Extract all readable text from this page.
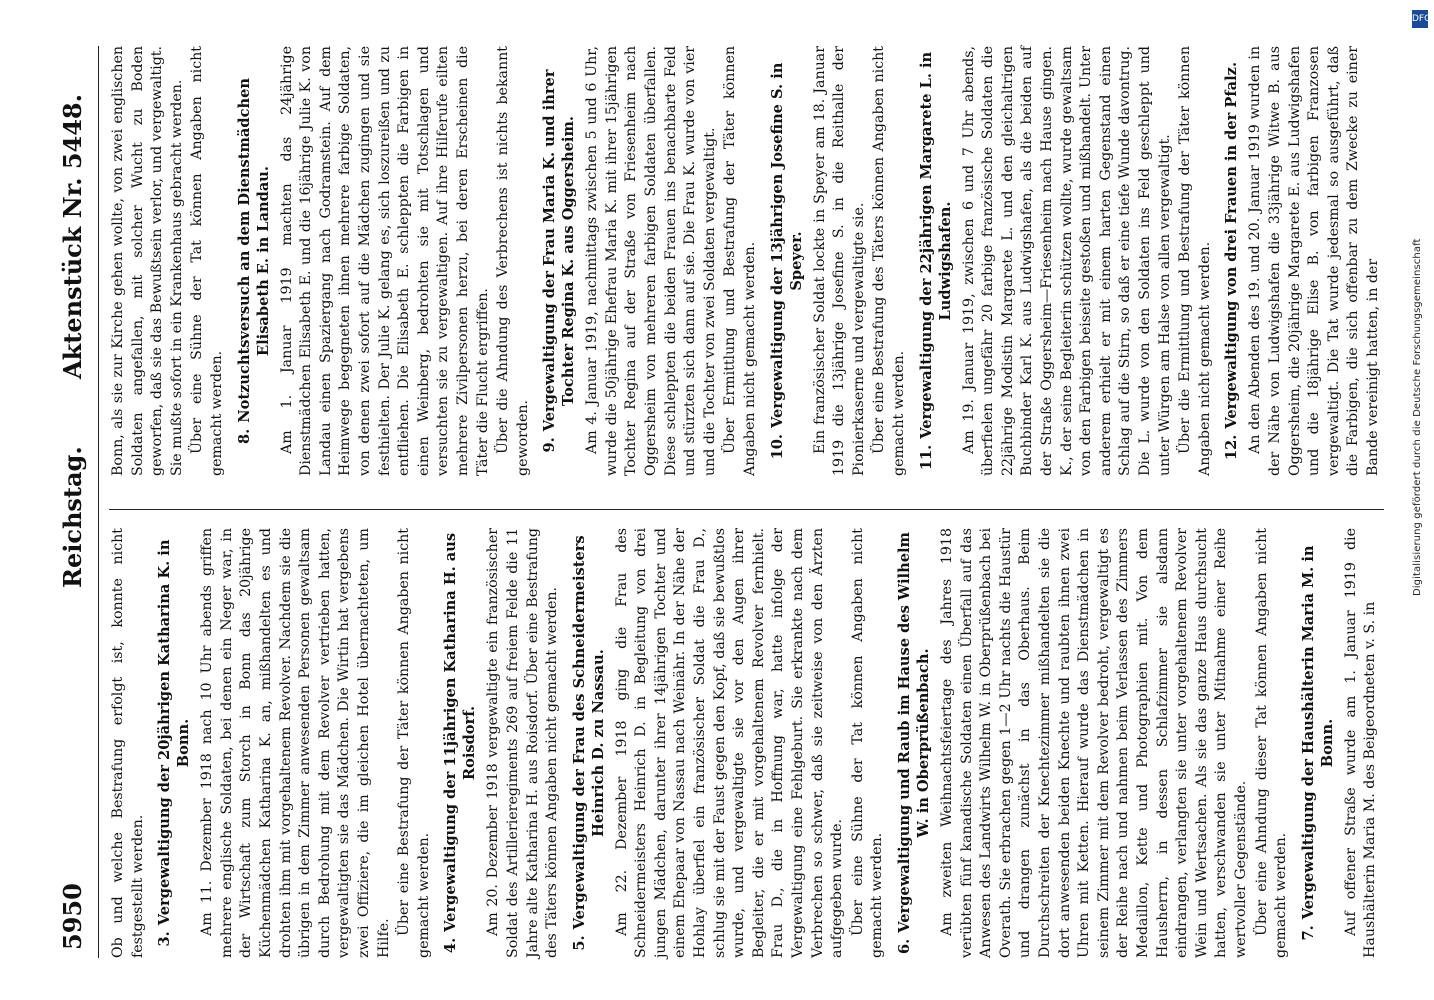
5950
Reichstag.
Aktenstück Nr. 5448.

Ob und welche Bestrafung erfolgt ist, konnte nicht festgestellt werden. 3.Vergewaltigung der 20jährigen Katharina K. in Bonn. Am 11. Dezember 1918 nach 10 Uhr abends griffen mehrere englische Soldaten, bei denen ein Neger war, in der Wirtschaft zum Storch in Bonn das 20jährige Küchenmädchen Katharina K. an, mißhandelten es und drohten ihm mit vorgehaltenem Revolver. Nachdem sie die übrigen in dem Zimmer anwesenden Personen gewaltsam durch Bedrohung mit dem Revolver vertrieben hatten, vergewaltigten sie das Mädchen. Die Wirtin hat vergebens zwei Offiziere, die im gleichen Hotel übernachteten, um Hilfe.

Über eine Bestrafung der Täter können Angaben nicht gemacht werden. 4.Vergewaltigung der 11jährigen Katharina H. aus Roisdorf. Am 20. Dezember 1918 vergewaltigte ein französischer Soldat des Artillerieregiments 269 auf freiem Felde die 11 Jahre alte Katharina H. aus Roisdorf. Über eine Bestrafung des Täters können Angaben nicht gemacht werden. 5.Vergewaltigung der Frau des Schneidermeisters Heinrich D. zu Nassau. Am 22. Dezember 1918 ging die Frau des Schneidermeisters Heinrich D. in Begleitung von drei jungen Mädchen, darunter ihrer 14jährigen Tochter und einem Ehepaar von Nassau nach Weinähr. In der Nähe der Hohlay überfiel ein französischer Soldat die Frau D., schlug sie mit der Faust gegen den Kopf, daß sie bewußtlos wurde, und vergewaltigte sie vor den Augen ihrer Begleiter, die er mit vorgehaltenem Revolver fernhielt. Frau D., die in Hoffnung war, hatte infolge der Vergewaltigung eine Fehlgeburt. Sie erkrankte nach dem Verbrechen so schwer, daß sie zeitweise von den Ärzten aufgegeben wurde. Über eine Sühne der Tat können Angaben nicht gemacht werden. 6.Vergewaltigung und Raub im Hause des Wilhelm W. in Oberprüßenbach. Am zweiten Weihnachtsfeiertage des Jahres 1918 verübten fünf kanadische Soldaten einen Überfall auf das Anwesen des Landwirts Wilhelm W. in Oberprüßenbach bei Overath. Sie erbrachen gegen 1—2 Uhr nachts die Haustür und drangen zunächst in das Oberhaus. Beim Durchschreiten der Knechtezimmer mißhandelten sie die dort anwesenden beiden Knechte und raubten ihnen zwei Uhren mit Ketten. Hierauf wurde das Dienstmädchen in seinem Zimmer mit dem Revolver bedroht, vergewaltigt es der Reihe nach und nahmen beim Verlassen des Zimmers Medaillon, Kette und Photographien mit. Von dem Hausherrn, in dessen Schlafzimmer sie alsdann eindrangen, verlangten sie unter vorgehaltenem Revolver Wein und Wertsachen. Als sie das ganze Haus durchsucht hatten, verschwanden sie unter Mitnahme einer Reihe wertvoller Gegenstände. Über eine Ahndung dieser Tat können Angaben nicht gemacht werden. 7.Vergewaltigung der Haushälterin Maria M. in Bonn. Auf offener Straße wurde am 1. Januar 1919 die Haushälterin Maria M. des Beigeordneten v. S. in

Bonn, als sie zur Kirche gehen wollte, von zwei englischen Soldaten angefallen, mit solcher Wucht zu Boden geworfen, daß sie das Bewußtsein verlor, und vergewaltigt. Sie mußte sofort in ein Krankenhaus gebracht werden. Über eine Sühne der Tat können Angaben nicht gemacht werden. 8.Notzuchtsversuch an dem Dienstmädchen Elisabeth E. in Landau. Am 1. Januar 1919 machten das 24jährige Dienstmädchen Elisabeth E. und die 16jährige Julie K. von Landau einen Spaziergang nach Godramstein. Auf dem Heimwege begegneten ihnen mehrere farbige Soldaten, von denen zwei sofort auf die Mädchen zugingen und sie festhielten. Der Julie K. gelang es, sich loszureißen und zu entfliehen. Die Elisabeth E. schleppten die Farbigen in einen Weinberg, bedrohten sie mit Totschlagen und versuchten sie zu vergewaltigen. Auf ihre Hilferufe eilten mehrere Zivilpersonen herzu, bei deren Erscheinen die Täter die Flucht ergriffen. Über die Ahndung des Verbrechens ist nichts bekannt geworden. 9.Vergewaltigung der Frau Maria K. und ihrer Tochter Regina K. aus Oggersheim. Am 4. Januar 1919, nachmittags zwischen 5 und 6 Uhr, wurde die 50jährige Ehefrau Maria K. mit ihrer 15jährigen Tochter Regina auf der Straße von Friesenheim nach Oggersheim von mehreren farbigen Soldaten überfallen. Diese schleppten die beiden Frauen ins benachbarte Feld und stürzten sich dann auf sie. Die Frau K. wurde von vier und die Tochter von zwei Soldaten vergewaltigt. Über Ermittlung und Bestrafung der Täter können Angaben nicht gemacht werden. 10.Vergewaltigung der 13jährigen Josefine S. in Speyer. Ein französischer Soldat lockte in Speyer am 18. Januar 1919 die 13jährige Josefine S. in die Reithalle der Pionierkaserne und vergewaltigte sie. Über eine Bestrafung des Täters können Angaben nicht gemacht werden. 11.Vergewaltigung der 22jährigen Margarete L. in Ludwigshafen. Am 19. Januar 1919, zwischen 6 und 7 Uhr abends, überfielen ungefähr 20 farbige französische Soldaten die 22jährige Modistin Margarete L. und den gleichaltrigen Buchbinder Karl K. aus Ludwigshafen, als die beiden auf der Straße Oggersheim—Friesenheim nach Hause gingen. K., der seine Begleiterin schützen wollte, wurde gewaltsam von den Farbigen beiseite gestoßen und mißhandelt. Unter anderem erhielt er mit einem harten Gegenstand einen Schlag auf die Stirn, so daß er eine tiefe Wunde davontrug. Die L. wurde von den Soldaten ins Feld geschleppt und unter Würgen am Halse von allen vergewaltigt. Über die Ermittlung und Bestrafung der Täter können Angaben nicht gemacht werden. 12.Vergewaltigung von drei Frauen in der Pfalz. An den Abenden des 19. und 20. Januar 1919 wurden in der Nähe von Ludwigshafen die 33jährige Witwe B. aus Oggersheim, die 20jährige Margarete E. aus Ludwigshafen und die 18jährige Elise B. von farbigen Franzosen vergewaltigt. Die Tat wurde jedesmal so ausgeführt, daß die Farbigen, die sich offenbar zu dem Zwecke zu einer Bande vereinigt hatten, in der

DFG
Digitalisierung gefördert durch die Deutsche Forschungsgemeinschaft
